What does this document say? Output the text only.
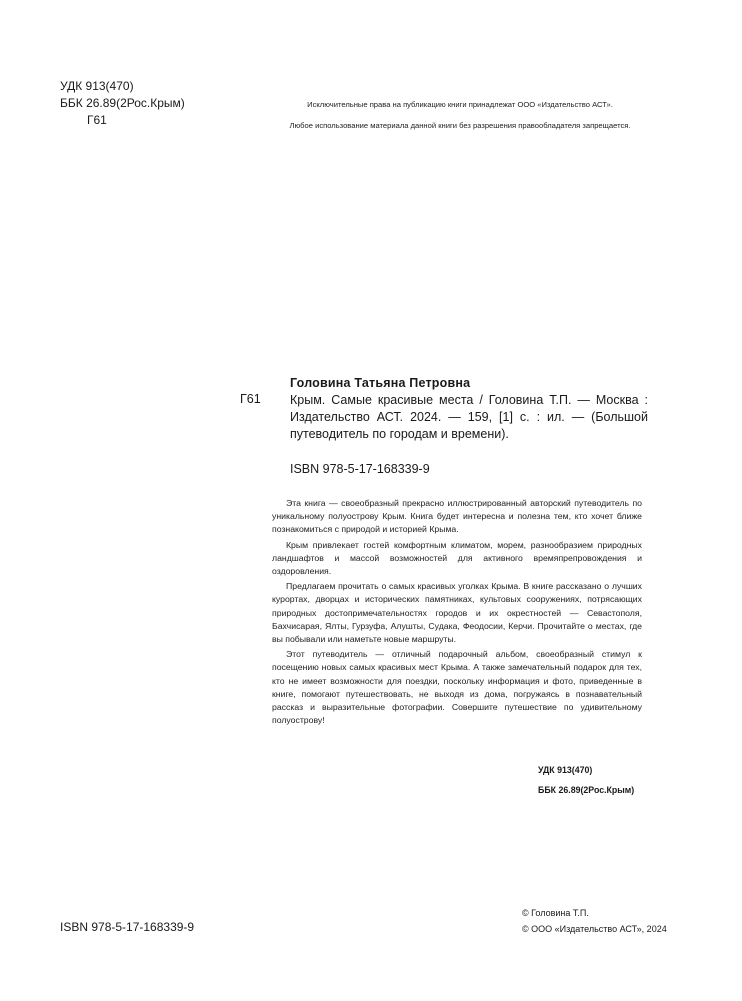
УДК 913(470)
ББК 26.89(2Рос.Крым)
Г61
Исключительные права на публикацию книги принадлежат ООО «Издательство АСТ».
Любое использование материала данной книги без разрешения правообладателя запрещается.
Головина Татьяна Петровна
Г61 Крым. Самые красивые места / Головина Т.П. — Москва : Издательство АСТ. 2024. — 159, [1] с. : ил. — (Большой путеводитель по городам и времени).
ISBN 978-5-17-168339-9

Эта книга — своеобразный прекрасно иллюстрированный авторский путеводитель по уникальному полуострову Крым. Книга будет интересна и полезна тем, кто хочет ближе познакомиться с природой и историей Крыма.

Крым привлекает гостей комфортным климатом, морем, разнообразием природных ландшафтов и массой возможностей для активного времяпрепровождения и оздоровления.

Предлагаем прочитать о самых красивых уголках Крыма. В книге рассказано о лучших курортах, дворцах и исторических памятниках, культовых сооружениях, потрясающих природных достопримечательностях городов и их окрестностей — Севастополя, Бахчисарая, Ялты, Гурзуфа, Алушты, Судака, Феодосии, Керчи. Прочитайте о местах, где вы побывали или наметьте новые маршруты.

Этот путеводитель — отличный подарочный альбом, своеобразный стимул к посещению новых самых красивых мест Крыма. А также замечательный подарок для тех, кто не имеет возможности для поездки, поскольку информация и фото, приведенные в книге, помогают путешествовать, не выходя из дома, погружаясь в познавательный рассказ и выразительные фотографии. Совершите путешествие по удивительному полуострову!

УДК 913(470)
ББК 26.89(2Рос.Крым)
ISBN 978-5-17-168339-9
© Головина Т.П.
© ООО «Издательство АСТ», 2024
